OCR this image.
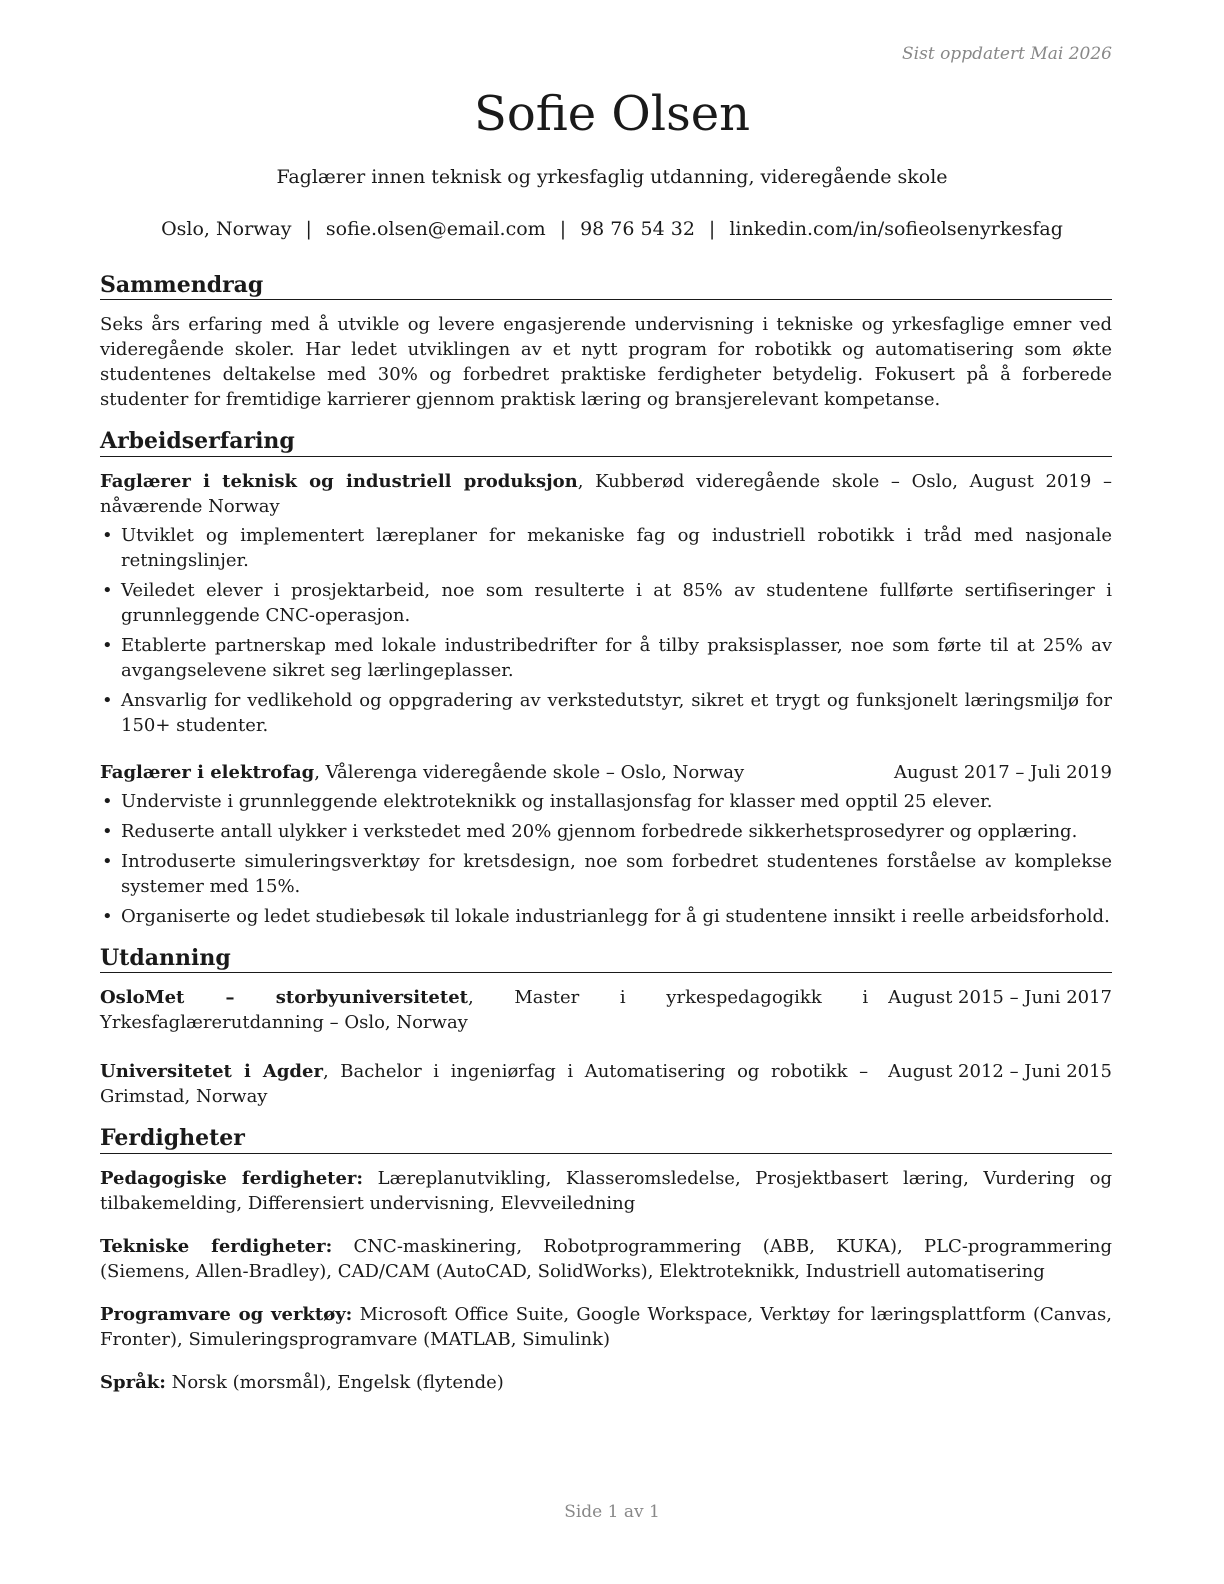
Sist oppdatert Mai 2026
Sofie Olsen

Faglærer innen teknisk og yrkesfaglig utdanning, videregående skole

Oslo, Norway | sofie.olsen@email.com | 98 76 54 32 | linkedin.com/in/sofieolsenyrkesfag

Sammendrag

Seks års erfaring med å utvikle og levere engasjerende undervisning i tekniske og yrkesfaglige emner ved videregående skoler. Har ledet utviklingen av et nytt program for robotikk og automatisering som økte studentenes deltakelse med 30% og forbedret praktiske ferdigheter betydelig. Fokusert på å forberede studenter for fremtidige karrierer gjennom praktisk læring og bransjerelevant kompetanse.

Arbeidserfaring
Faglærer i teknisk og industriell produksjon, Kubberød videregående skole – Oslo, August 2019 – nåværende Norway
• Utviklet og implementert læreplaner for mekaniske fag og industriell robotikk i tråd med nasjonale retningslinjer.
• Veiledet elever i prosjektarbeid, noe som resulterte i at 85% av studentene fullførte sertifiseringer i grunnleggende CNC-operasjon.
• Etablerte partnerskap med lokale industribedrifter for å tilby praksisplasser, noe som førte til at 25% av avgangselevene sikret seg lærlingeplasser.
• Ansvarlig for vedlikehold og oppgradering av verkstedutstyr, sikret et trygt og funksjonelt læringsmiljø for 150+ studenter.
Faglærer i elektrofag, Vålerenga videregående skole – Oslo, Norway	August 2017 – Juli 2019
• Underviste i grunnleggende elektroteknikk og installasjonsfag for klasser med opptil 25 elever.
• Reduserte antall ulykker i verkstedet med 20% gjennom forbedrede sikkerhetsprosedyrer og opplæring.
• Introduserte simuleringsverktøy for kretsdesign, noe som forbedret studentenes forståelse av komplekse systemer med 15%.
• Organiserte og ledet studiebesøk til lokale industrianlegg for å gi studentene innsikt i reelle arbeidsforhold.
Utdanning
OsloMet – storbyuniversitetet, Master i yrkespedagogikk i Yrkesfaglærerutdanning – Oslo, Norway
August 2015 – Juni 2017
Universitetet i Agder, Bachelor i ingeniørfag i Automatisering og robotikk – Grimstad, Norway
August 2012 – Juni 2015
Ferdigheter

Pedagogiske ferdigheter: Læreplanutvikling, Klasseromsledelse, Prosjektbasert læring, Vurdering og tilbakemelding, Differensiert undervisning, Elevveiledning

Tekniske ferdigheter: CNC-maskinering, Robotprogrammering (ABB, KUKA), PLC-programmering (Siemens, Allen-Bradley), CAD/CAM (AutoCAD, SolidWorks), Elektroteknikk, Industriell automatisering

Programvare og verktøy: Microsoft Office Suite, Google Workspace, Verktøy for læringsplattform (Canvas, Fronter), Simuleringsprogramvare (MATLAB, Simulink)

Språk: Norsk (morsmål), Engelsk (flytende)

Side 1 av 1
